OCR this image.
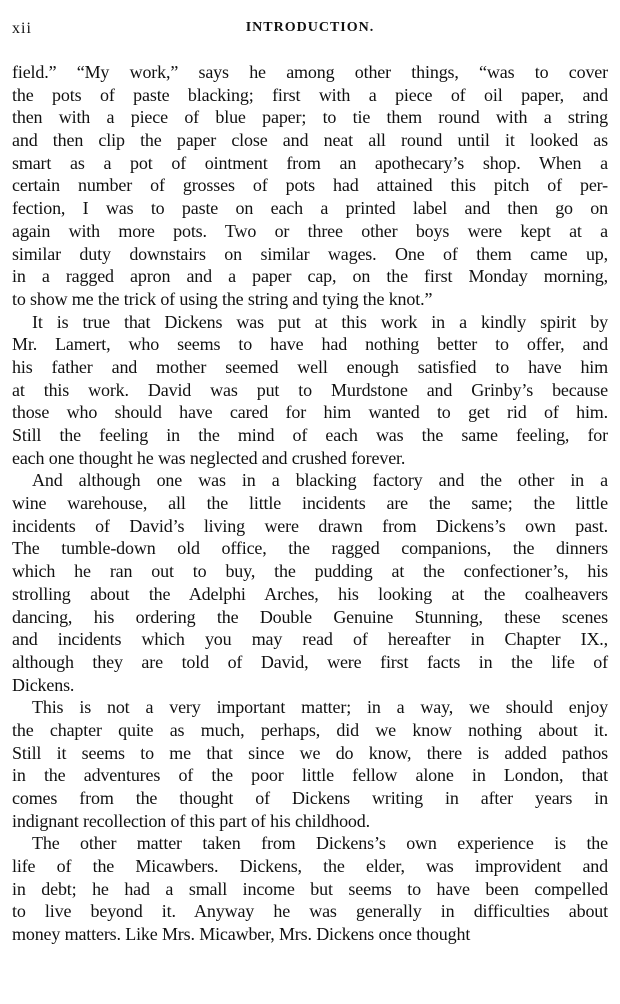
xii	INTRODUCTION.
field.” “My work,” says he among other things, “was to cover
the pots of paste blacking; first with a piece of oil paper, and
then with a piece of blue paper; to tie them round with a string
and then clip the paper close and neat all round until it looked as
smart as a pot of ointment from an apothecary’s shop. When a
certain number of grosses of pots had attained this pitch of per-
fection, I was to paste on each a printed label and then go on
again with more pots. Two or three other boys were kept at a
similar duty downstairs on similar wages. One of them came up,
in a ragged apron and a paper cap, on the first Monday morning,
to show me the trick of using the string and tying the knot.”
It is true that Dickens was put at this work in a kindly spirit by
Mr. Lamert, who seems to have had nothing better to offer, and
his father and mother seemed well enough satisfied to have him
at this work. David was put to Murdstone and Grinby’s because
those who should have cared for him wanted to get rid of him.
Still the feeling in the mind of each was the same feeling, for
each one thought he was neglected and crushed forever.
And although one was in a blacking factory and the other in a
wine warehouse, all the little incidents are the same; the little
incidents of David’s living were drawn from Dickens’s own past.
The tumble-down old office, the ragged companions, the dinners
which he ran out to buy, the pudding at the confectioner’s, his
strolling about the Adelphi Arches, his looking at the coalheavers
dancing, his ordering the Double Genuine Stunning, these scenes
and incidents which you may read of hereafter in Chapter IX.,
although they are told of David, were first facts in the life of
Dickens.
This is not a very important matter; in a way, we should enjoy
the chapter quite as much, perhaps, did we know nothing about it.
Still it seems to me that since we do know, there is added pathos
in the adventures of the poor little fellow alone in London, that
comes from the thought of Dickens writing in after years in
indignant recollection of this part of his childhood.
The other matter taken from Dickens’s own experience is the
life of the Micawbers. Dickens, the elder, was improvident and
in debt; he had a small income but seems to have been compelled
to live beyond it. Anyway he was generally in difficulties about
money matters. Like Mrs. Micawber, Mrs. Dickens once thought
